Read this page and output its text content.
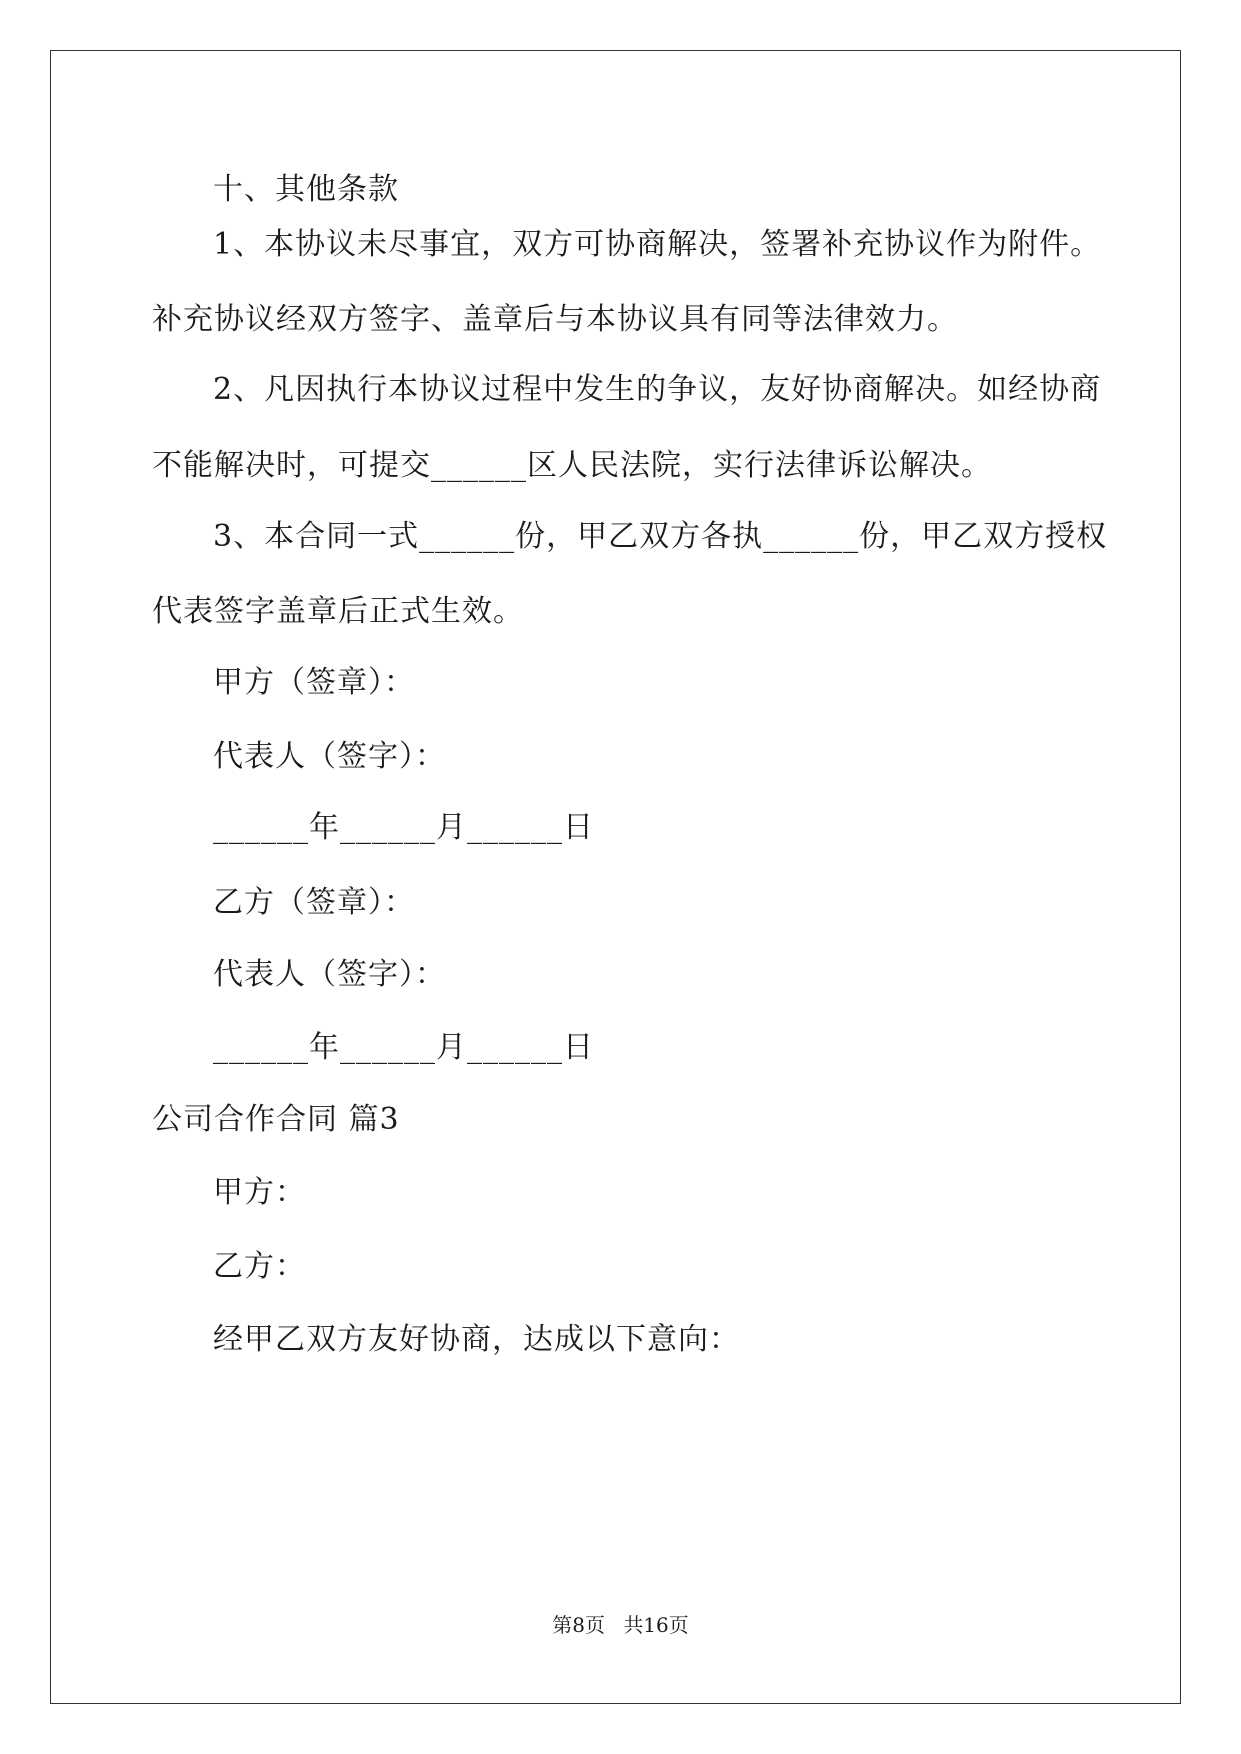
十、其他条款
1、本协议未尽事宜，双方可协商解决，签署补充协议作为附件。
补充协议经双方签字、盖章后与本协议具有同等法律效力。
2、凡因执行本协议过程中发生的争议，友好协商解决。如经协商
不能解决时，可提交______区人民法院，实行法律诉讼解决。
3、本合同一式______份，甲乙双方各执______份，甲乙双方授权
代表签字盖章后正式生效。
甲方（签章）：
代表人（签字）：
______年______月______日
乙方（签章）：
代表人（签字）：
______年______月______日
公司合作合同 篇3
甲方：
乙方：
经甲乙双方友好协商，达成以下意向：
第8页 共16页
